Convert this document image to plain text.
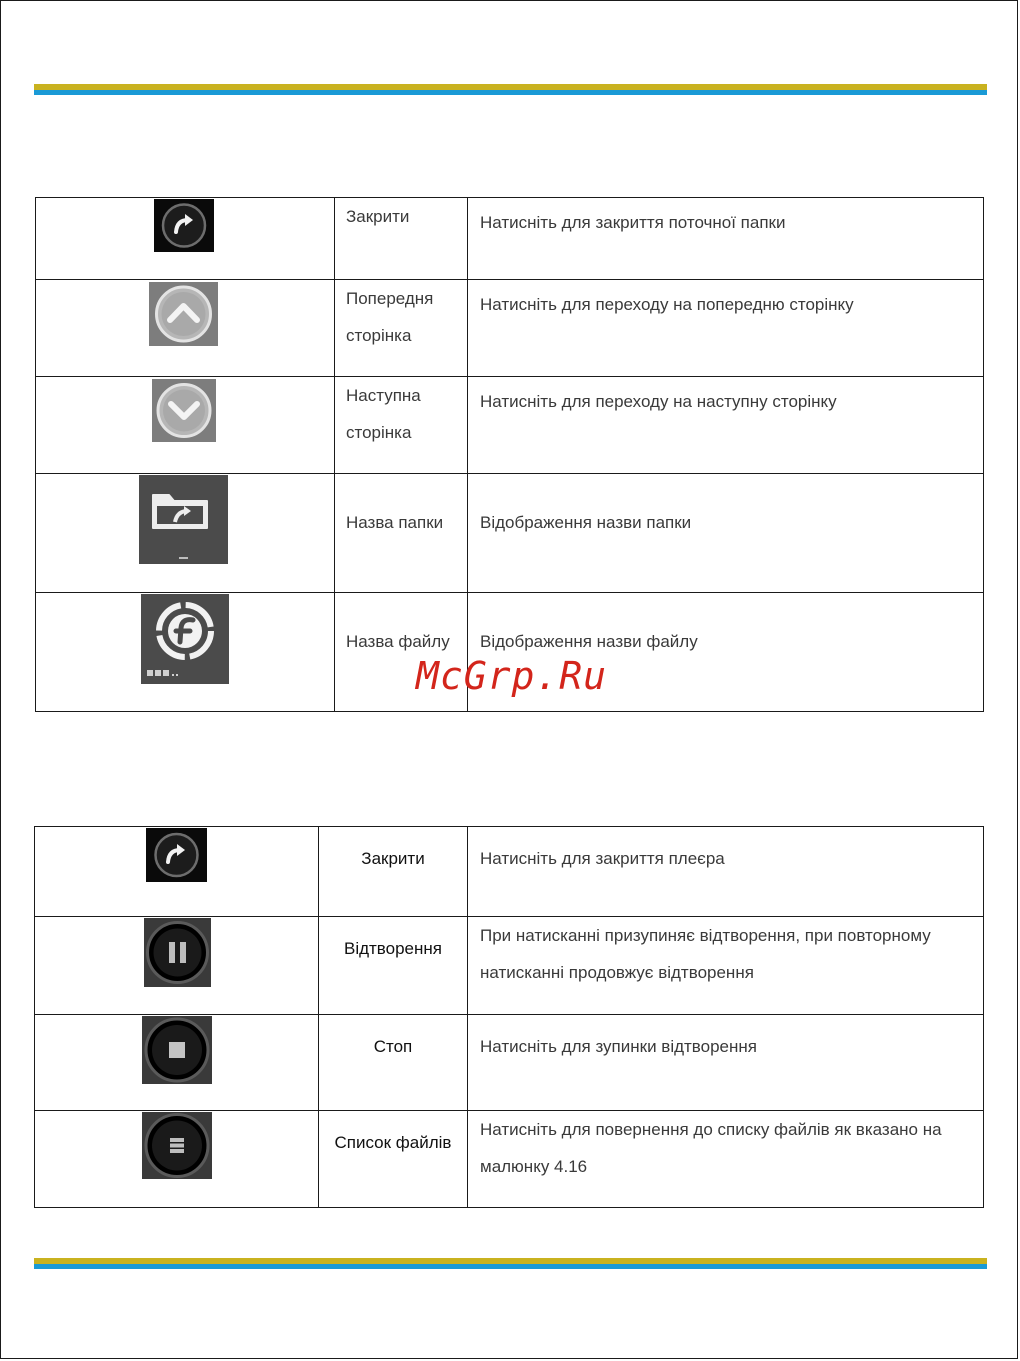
	Закрити	Натисніть для закриття поточної папки

	Попередня сторінка	Натисніть для переходу на попередню сторінку

	Наступна сторінка	Натисніть для переходу на наступну сторінку

	Назва папки	Відображення назви папки

	Назва файлу	Відображення назви файлу
McGrp.Ru
	Закрити	Натисніть для закриття плеєра

	Відтворення	При натисканні призупиняє відтворення, при повторному натисканні продовжує відтворення

	Стоп	Натисніть для зупинки відтворення

	Список файлів	Натисніть для повернення до списку файлів як вказано на малюнку 4.16
